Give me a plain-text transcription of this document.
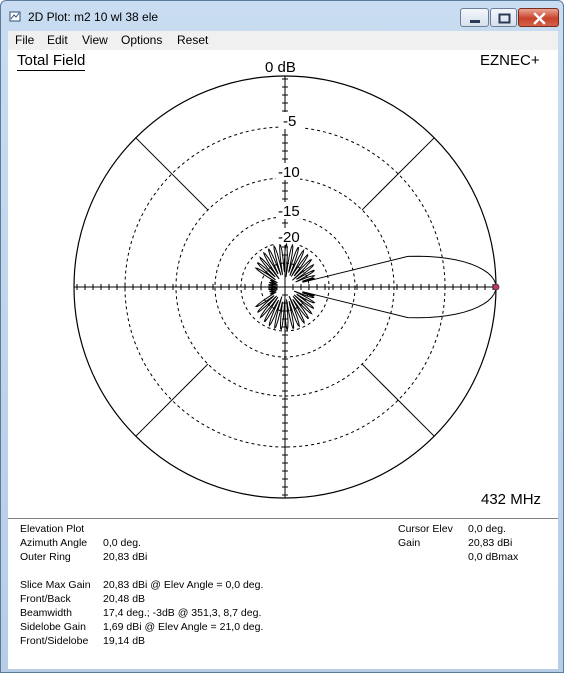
2D Plot: m2 10 wl 38 ele
File Edit View Options Reset
0 dB
-5
-10
-15
-20
Total Field	EZNEC+
432 MHz
Elevation Plot
Azimuth Angle 0,0 deg.
Outer Ring	20,83 dBi
Slice Max Gain 20,83 dBi @ Elev Angle = 0,0 deg.
Front/Back	20,48 dB
Beamwidth	17,4 deg.; -3dB @ 351,3, 8,7 deg.
Sidelobe Gain 1,69 dBi @ Elev Angle = 21,0 deg.
Front/Sidelobe 19,14 dB
Cursor Elev 0,0 deg.
Gain	20,83 dBi
0,0 dBmax
